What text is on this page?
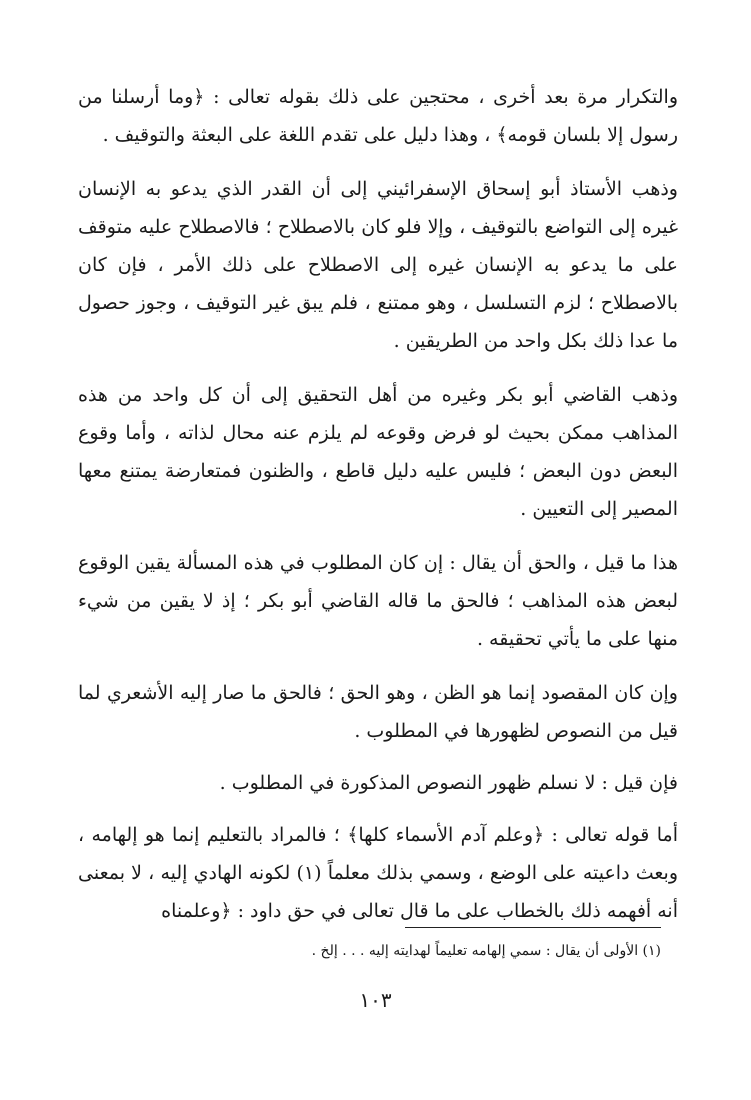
والتكرار مرة بعد أخرى ، محتجين على ذلك بقوله تعالى : ﴿وما أرسلنا من رسول إلا بلسان قومه﴾ ، وهذا دليل على تقدم اللغة على البعثة والتوقيف .

وذهب الأستاذ أبو إسحاق الإسفرائيني إلى أن القدر الذي يدعو به الإنسان غيره إلى التواضع بالتوقيف ، وإلا فلو كان بالاصطلاح ؛ فالاصطلاح عليه متوقف على ما يدعو به الإنسان غيره إلى الاصطلاح على ذلك الأمر ، فإن كان بالاصطلاح ؛ لزم التسلسل ، وهو ممتنع ، فلم يبق غير التوقيف ، وجوز حصول ما عدا ذلك بكل واحد من الطريقين .

وذهب القاضي أبو بكر وغيره من أهل التحقيق إلى أن كل واحد من هذه المذاهب ممكن بحيث لو فرض وقوعه لم يلزم عنه محال لذاته ، وأما وقوع البعض دون البعض ؛ فليس عليه دليل قاطع ، والظنون فمتعارضة يمتنع معها المصير إلى التعيين .

هذا ما قيل ، والحق أن يقال : إن كان المطلوب في هذه المسألة يقين الوقوع لبعض هذه المذاهب ؛ فالحق ما قاله القاضي أبو بكر ؛ إذ لا يقين من شيء منها على ما يأتي تحقيقه .

وإن كان المقصود إنما هو الظن ، وهو الحق ؛ فالحق ما صار إليه الأشعري لما قيل من النصوص لظهورها في المطلوب .

فإن قيل : لا نسلم ظهور النصوص المذكورة في المطلوب .

أما قوله تعالى : ﴿وعلم آدم الأسماء كلها﴾ ؛ فالمراد بالتعليم إنما هو إلهامه ، وبعث داعيته على الوضع ، وسمي بذلك معلماً (١) لكونه الهادي إليه ، لا بمعنى أنه أفهمه ذلك بالخطاب على ما قال تعالى في حق داود : ﴿وعلمناه

(١) الأولى أن يقال : سمي إلهامه تعليماً لهدايته إليه . . . إلخ .
١٠٣
